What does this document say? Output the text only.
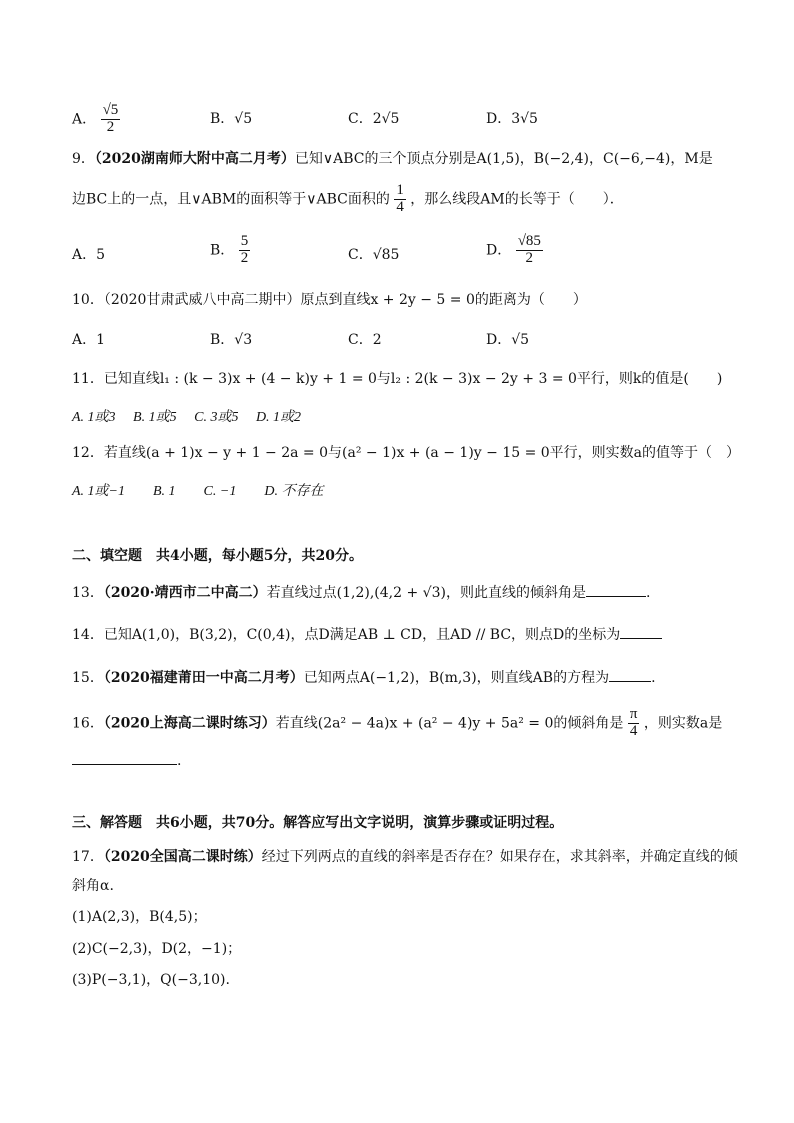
A． $\frac{√5}{2}$	B．√5	C．2√5	D．3√5
9．（2020湖南师大附中高二月考）已知∨ABC的三个顶点分别是A(1,5)，B(−2,4)，C(−6,−4)，M是
边BC上的一点，且∨ABM的面积等于∨ABC面积的 $\frac{1}{4}$ ，那么线段AM的长等于（　　）．
A．5	B． $\frac{5}{2}$	C．√85	D． $\frac{√85}{2}$
10．（2020甘肃武威八中高二期中）原点到直线x + 2y − 5 = 0的距离为（　　）
A．1	B．√3	C．2	D．√5
11．已知直线l₁ : (k − 3)x + (4 − k)y + 1 = 0与l₂ : 2(k − 3)x − 2y + 3 = 0平行，则k的值是(　　)
A. 1或3　 B. 1或5　 C. 3或5　 D. 1或2
12．若直线(a + 1)x − y + 1 − 2a = 0与(a² − 1)x + (a − 1)y − 15 = 0平行，则实数a的值等于（　）
A. 1或−1　　B. 1　　C. −1　　D. 不存在
二、填空题　共4小题，每小题5分，共20分。
13．（2020·靖西市二中高二）若直线过点(1,2),(4,2 + √3)，则此直线的倾斜角是	.
14．已知A(1,0)，B(3,2)，C(0,4)，点D满足AB ⊥ CD，且AD // BC，则点D的坐标为
15．（2020福建莆田一中高二月考）已知两点A(−1,2)，B(m,3)，则直线AB的方程为	.
16．（2020上海高二课时练习）若直线(2a² − 4a)x + (a² − 4)y + 5a² = 0的倾斜角是 $\frac{\pi}{4}$ ，则实数a是
.
三、解答题　共6小题，共70分。解答应写出文字说明，演算步骤或证明过程。
17．（2020全国高二课时练）经过下列两点的直线的斜率是否存在？如果存在，求其斜率，并确定直线的倾
斜角α.
(1)A(2,3)，B(4,5)；
(2)C(−2,3)，D(2，−1)；
(3)P(−3,1)，Q(−3,10).
